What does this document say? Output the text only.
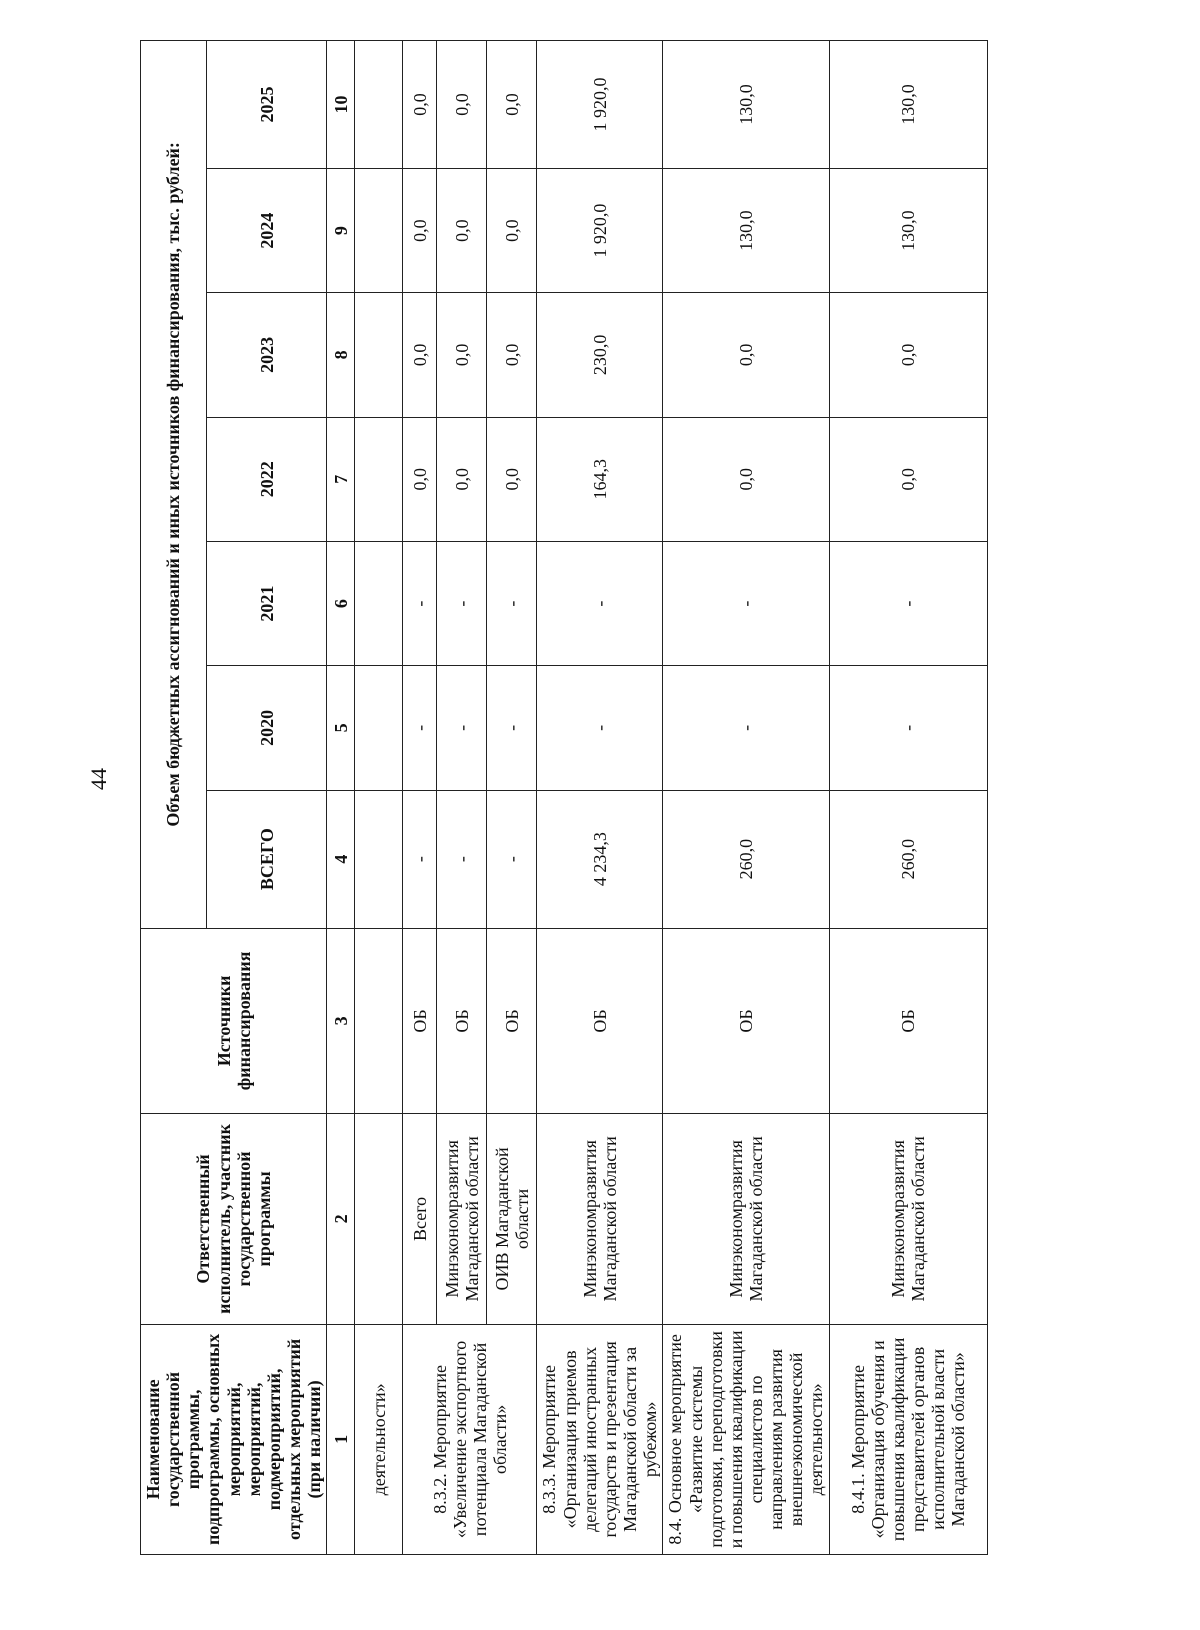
44
Наименование государственной программы, подпрограммы, основных мероприятий, мероприятий, подмероприятий, отдельных мероприятий (при наличии)	Ответственный исполнитель, участник государственной программы	Источники финансирования	Объем бюджетных ассигнований и иных источников финансирования, тыс. рублей:						
			ВСЕГО	2020	2021	2022	2023	2024	2025
1	2	3	4	5	6	7	8	9	10
деятельности»									
8.3.2. Мероприятие «Увеличение экспортного потенциала Магаданской области»	Всего	ОБ	-	-	-	0,0	0,0	0,0	0,0
	Минэкономразвития Магаданской области	ОБ	-	-	-	0,0	0,0	0,0	0,0
	ОИВ Магаданской области	ОБ	-	-	-	0,0	0,0	0,0	0,0
8.3.3. Мероприятие «Организация приемов делегаций иностранных государств и презентация Магаданской области за рубежом»	Минэкономразвития Магаданской области	ОБ	4 234,3	-	-	164,3	230,0	1 920,0	1 920,0
8.4. Основное мероприятие «Развитие системы подготовки, переподготовки и повышения квалификации специалистов по направлениям развития внешнеэкономической деятельности»	Минэкономразвития Магаданской области	ОБ	260,0	-	-	0,0	0,0	130,0	130,0
8.4.1. Мероприятие «Организация обучения и повышения квалификации представителей органов исполнительной власти Магаданской области»	Минэкономразвития Магаданской области	ОБ	260,0	-	-	0,0	0,0	130,0	130,0
